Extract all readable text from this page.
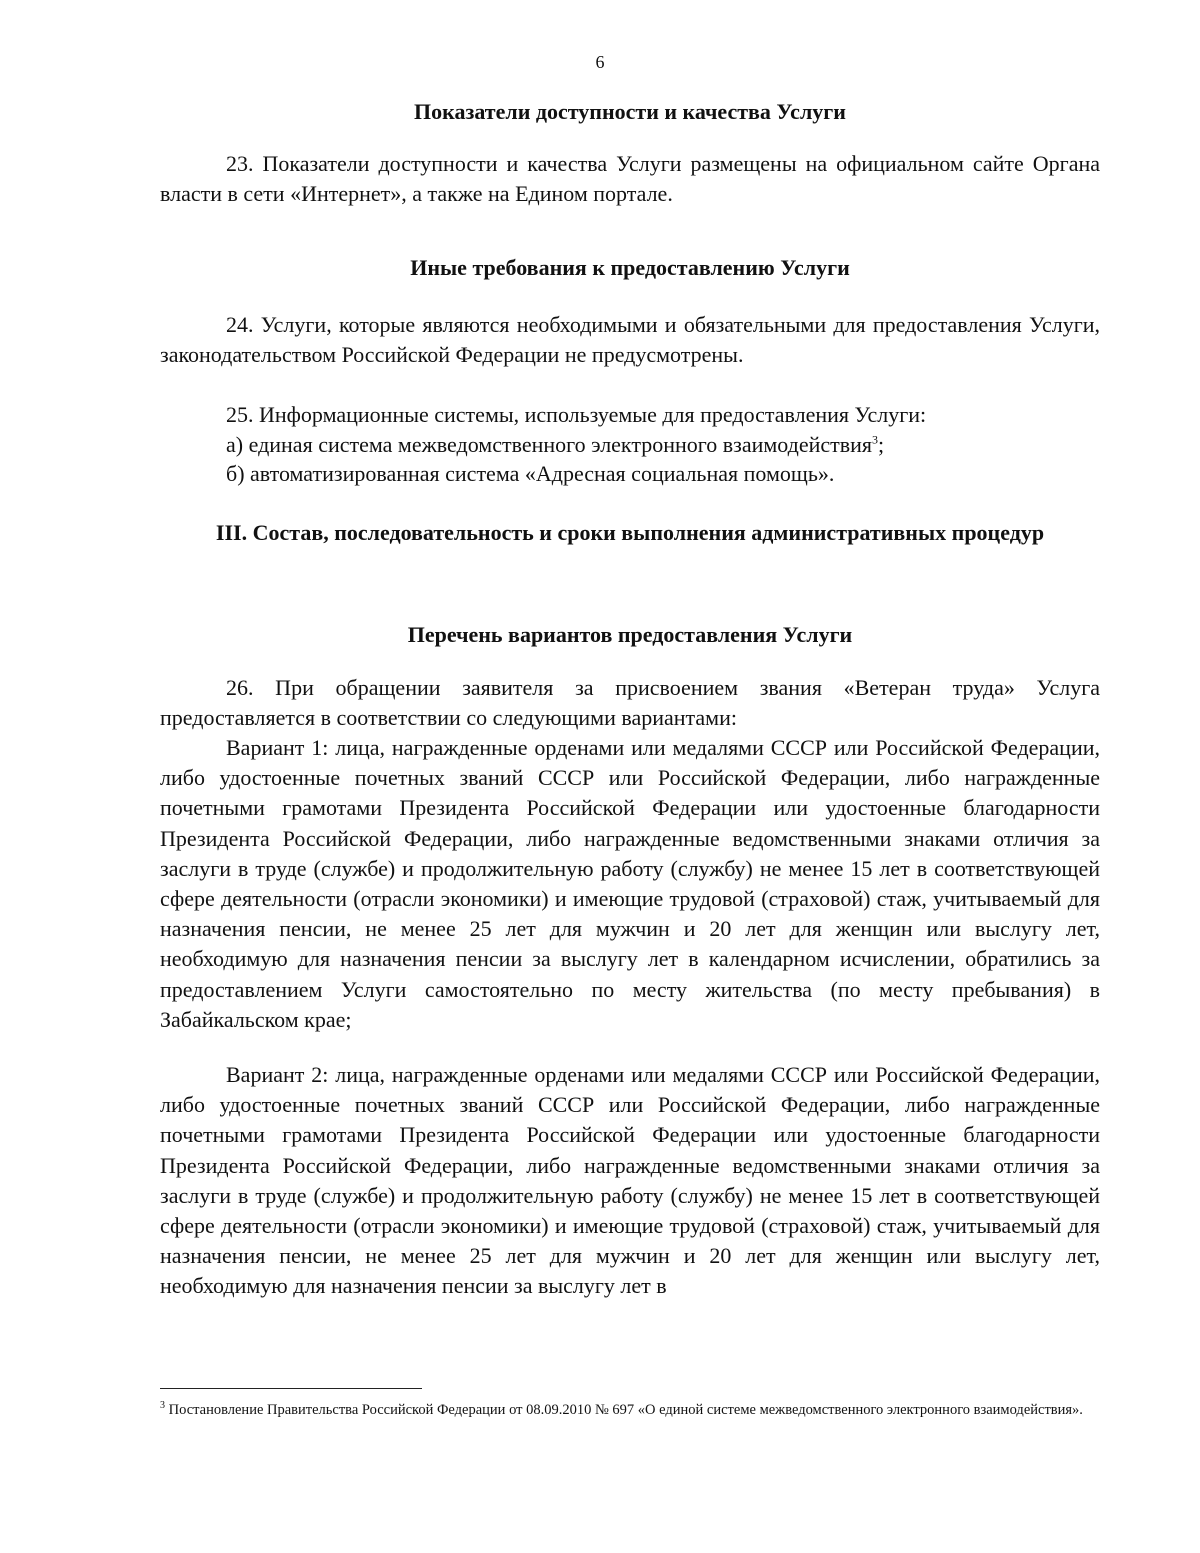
6
Показатели доступности и качества Услуги

23. Показатели доступности и качества Услуги размещены на официальном сайте Органа власти в сети «Интернет», а также на Едином портале.

Иные требования к предоставлению Услуги

24. Услуги, которые являются необходимыми и обязательными для предоставления Услуги, законодательством Российской Федерации не предусмотрены.

25. Информационные системы, используемые для предоставления Услуги:

а) единая система межведомственного электронного взаимодействия$^3$;

б) автоматизированная система «Адресная социальная помощь».

III. Состав, последовательность и сроки выполнения административных процедур
Перечень вариантов предоставления Услуги

26. При обращении заявителя за присвоением звания «Ветеран труда» Услуга предоставляется в соответствии со следующими вариантами:

Вариант 1: лица, награжденные орденами или медалями СССР или Российской Федерации, либо удостоенные почетных званий СССР или Российской Федерации, либо награжденные почетными грамотами Президента Российской Федерации или удостоенные благодарности Президента Российской Федерации, либо награжденные ведомственными знаками отличия за заслуги в труде (службе) и продолжительную работу (службу) не менее 15 лет в соответствующей сфере деятельности (отрасли экономики) и имеющие трудовой (страховой) стаж, учитываемый для назначения пенсии, не менее 25 лет для мужчин и 20 лет для женщин или выслугу лет, необходимую для назначения пенсии за выслугу лет в календарном исчислении, обратились за предоставлением Услуги самостоятельно по месту жительства (по месту пребывания) в Забайкальском крае;

Вариант 2: лица, награжденные орденами или медалями СССР или Российской Федерации, либо удостоенные почетных званий СССР или Российской Федерации, либо награжденные почетными грамотами Президента Российской Федерации или удостоенные благодарности Президента Российской Федерации, либо награжденные ведомственными знаками отличия за заслуги в труде (службе) и продолжительную работу (службу) не менее 15 лет в соответствующей сфере деятельности (отрасли экономики) и имеющие трудовой (страховой) стаж, учитываемый для назначения пенсии, не менее 25 лет для мужчин и 20 лет для женщин или выслугу лет, необходимую для назначения пенсии за выслугу лет в

$^3$ Постановление Правительства Российской Федерации от 08.09.2010 № 697 «О единой системе межведомственного электронного взаимодействия».
